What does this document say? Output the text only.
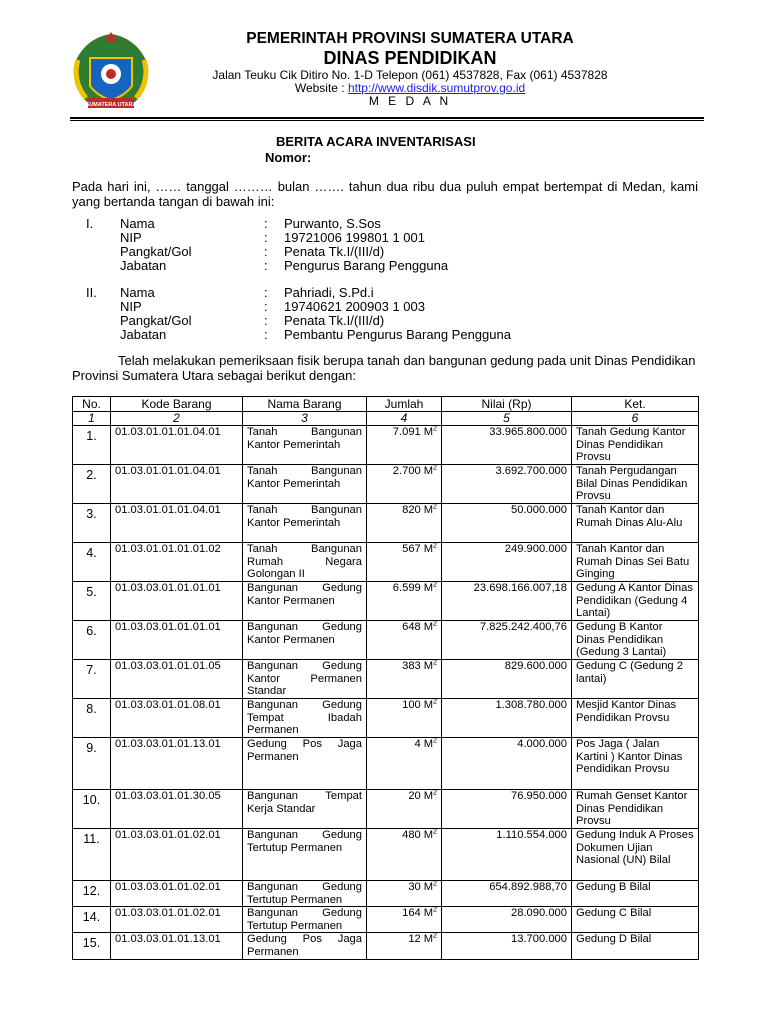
SUMATERA UTARA
PEMERINTAH PROVINSI SUMATERA UTARA
DINAS PENDIDIKAN
Jalan Teuku Cik Ditiro No. 1-D Telepon (061) 4537828, Fax (061) 4537828
Website : http://www.disdik.sumutprov.go.id
M E D A N
BERITA ACARA INVENTARISASI
Nomor:
Pada hari ini, …… tanggal ……… bulan ……. tahun dua ribu dua puluh empat bertempat di Medan, kami yang bertanda tangan di bawah ini:
I. Nama	: Purwanto, S.Sos
NIP	: 19721006 199801 1 001
Pangkat/Gol	: Penata Tk.I/(III/d)
Jabatan	: Pengurus Barang Pengguna
II. Nama	: Pahriadi, S.Pd.i
NIP	: 19740621 200903 1 003
Pangkat/Gol	: Penata Tk.I/(III/d)
Jabatan	: Pembantu Pengurus Barang Pengguna
Telah melakukan pemeriksaan fisik berupa tanah dan bangunan gedung pada unit Dinas Pendidikan Provinsi Sumatera Utara sebagai berikut dengan:
No.	Kode Barang	Nama Barang	Jumlah	Nilai (Rp)	Ket.
1	2	3	4	5	6
1.	01.03.01.01.01.04.01	Tanah Bangunan Kantor Pemerintah	7.091 $M^2$	33.965.800.000	Tanah Gedung Kantor Dinas Pendidikan Provsu
2.	01.03.01.01.01.04.01	Tanah Bangunan Kantor Pemerintah	2.700 $M^2$	3.692.700.000	Tanah Pergudangan Bilal Dinas Pendidikan Provsu
3.	01.03.01.01.01.04.01	Tanah Bangunan Kantor Pemerintah	820 $M^2$	50.000.000	Tanah Kantor dan Rumah Dinas Alu-Alu
4.	01.03.01.01.01.01.02	Tanah Bangunan Rumah Negara Golongan II	567 $M^2$	249.900.000	Tanah Kantor dan Rumah Dinas Sei Batu Ginging
5.	01.03.03.01.01.01.01	Bangunan Gedung Kantor Permanen	6.599 $M^2$	23.698.166.007,18	Gedung A Kantor Dinas Pendidikan (Gedung 4 Lantai)
6.	01.03.03.01.01.01.01	Bangunan Gedung Kantor Permanen	648 $M^2$	7.825.242.400,76	Gedung B Kantor Dinas Pendidikan (Gedung 3 Lantai)
7.	01.03.03.01.01.01.05	Bangunan Gedung Kantor Permanen Standar	383 $M^2$	829.600.000	Gedung C (Gedung 2 lantai)
8.	01.03.03.01.01.08.01	Bangunan Gedung Tempat Ibadah Permanen	100 $M^2$	1.308.780.000	Mesjid Kantor Dinas Pendidikan Provsu
9.	01.03.03.01.01.13.01	Gedung Pos Jaga Permanen	4 $M^2$	4.000.000	Pos Jaga ( Jalan Kartini ) Kantor Dinas Pendidikan Provsu
10.	01.03.03.01.01.30.05	Bangunan Tempat Kerja Standar	20 $M^2$	76.950.000	Rumah Genset Kantor Dinas Pendidikan Provsu
11.	01.03.03.01.01.02.01	Bangunan Gedung Tertutup Permanen	480 $M^2$	1.110.554.000	Gedung Induk A Proses Dokumen Ujian Nasional (UN) Bilal
12.	01.03.03.01.01.02.01	Bangunan Gedung Tertutup Permanen	30 $M^2$	654.892.988,70	Gedung B Bilal
14.	01.03.03.01.01.02.01	Bangunan Gedung Tertutup Permanen	164 $M^2$	28.090.000	Gedung C Bilal
15.	01.03.03.01.01.13.01	Gedung Pos Jaga Permanen	12 $M^2$	13.700.000	Gedung D Bilal
